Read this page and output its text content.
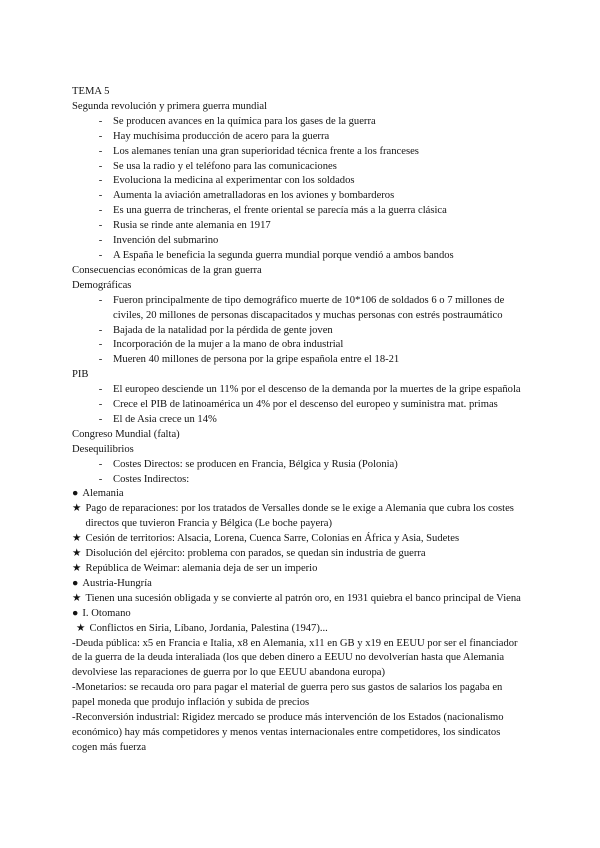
TEMA 5
Segunda revolución y primera guerra mundial
-	Se producen avances en la química para los gases de la guerra
-	Hay muchísima producción de acero para la guerra
-	Los alemanes tenían una gran superioridad técnica frente a los franceses
-	Se usa la radio y el teléfono para las comunicaciones
-	Evoluciona la medicina al experimentar con los soldados
-	Aumenta la aviación ametralladoras en los aviones y bombarderos
-	Es una guerra de trincheras, el frente oriental se parecía más a la guerra clásica
-	Rusia se rinde ante alemania en 1917
-	Invención del submarino
-	A España le beneficia la segunda guerra mundial porque vendió a ambos bandos
Consecuencias económicas de la gran guerra
Demográficas
-	Fueron principalmente de tipo demográfico muerte de 10*106 de soldados 6 o 7 millones de civiles, 20 millones de personas discapacitados y muchas personas con estrés postraumático
-	Bajada de la natalidad por la pérdida de gente joven
-	Incorporación de la mujer a la mano de obra industrial
-	Mueren 40 millones de persona por la gripe española entre el 18-21
PIB
-	El europeo desciende un 11% por el descenso de la demanda por la muertes de la gripe española
-	Crece el PIB de latinoamérica un 4% por el descenso del europeo y suministra mat. primas
-	El de Asia crece un 14%
Congreso Mundial (falta)
Desequilibrios
-	Costes Directos: se producen en Francia, Bélgica y Rusia (Polonia)
-	Costes Indirectos:
● Alemania
★ Pago de reparaciones: por los tratados de Versalles donde se le exige a Alemania que cubra los costes directos que tuvieron Francia y Bélgica (Le boche payera)
★ Cesión de territorios: Alsacia, Lorena, Cuenca Sarre, Colonias en África y Asia, Sudetes
★ Disolución del ejército: problema con parados, se quedan sin industria de guerra
★ República de Weimar: alemania deja de ser un imperio
● Austria-Hungría
★ Tienen una sucesión obligada y se convierte al patrón oro, en 1931 quiebra el banco principal de Viena
● I. Otomano
★ Conflictos en Siria, Líbano, Jordania, Palestina (1947)...
-Deuda pública: x5 en Francia e Italia, x8 en Alemania, x11 en GB y x19 en EEUU por ser el financiador de la guerra de la deuda interaliada (los que deben dinero a EEUU no devolverían hasta que Alemania devolviese las reparaciones de guerra por lo que EEUU abandona europa)
-Monetarios: se recauda oro para pagar el material de guerra pero sus gastos de salarios los pagaba en papel moneda que produjo inflación y subida de precios
-Reconversión industrial: Rigidez mercado se produce más intervención de los Estados (nacionalismo económico) hay más competidores y menos ventas internacionales entre competidores, los sindicatos cogen más fuerza
